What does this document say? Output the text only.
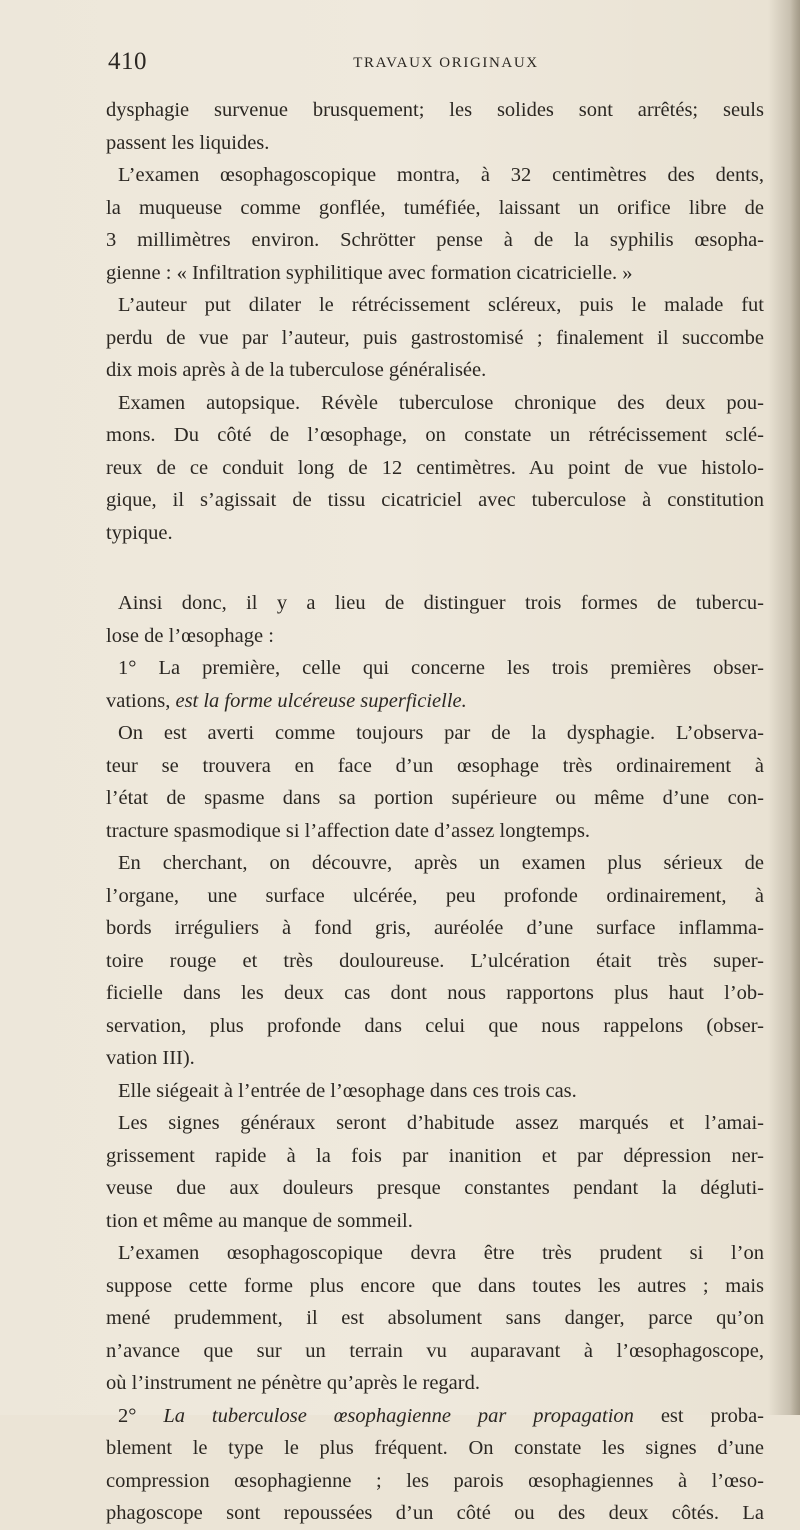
410	TRAVAUX ORIGINAUX
dysphagie survenue brusquement; les solides sont arrêtés; seuls
passent les liquides.
L’examen œsophagoscopique montra, à 32 centimètres des dents,
la muqueuse comme gonflée, tuméfiée, laissant un orifice libre de
3 millimètres environ. Schrötter pense à de la syphilis œsopha-
gienne : « Infiltration syphilitique avec formation cicatricielle. »
L’auteur put dilater le rétrécissement scléreux, puis le malade fut
perdu de vue par l’auteur, puis gastrostomisé ; finalement il succombe
dix mois après à de la tuberculose généralisée.
Examen autopsique. Révèle tuberculose chronique des deux pou-
mons. Du côté de l’œsophage, on constate un rétrécissement sclé-
reux de ce conduit long de 12 centimètres. Au point de vue histolo-
gique, il s’agissait de tissu cicatriciel avec tuberculose à constitution
typique.
Ainsi donc, il y a lieu de distinguer trois formes de tubercu-
lose de l’œsophage :
1° La première, celle qui concerne les trois premières obser-
vations, est la forme ulcéreuse superficielle.
On est averti comme toujours par de la dysphagie. L’observa-
teur se trouvera en face d’un œsophage très ordinairement à
l’état de spasme dans sa portion supérieure ou même d’une con-
tracture spasmodique si l’affection date d’assez longtemps.
En cherchant, on découvre, après un examen plus sérieux de
l’organe, une surface ulcérée, peu profonde ordinairement, à
bords irréguliers à fond gris, auréolée d’une surface inflamma-
toire rouge et très douloureuse. L’ulcération était très super-
ficielle dans les deux cas dont nous rapportons plus haut l’ob-
servation, plus profonde dans celui que nous rappelons (obser-
vation III).
Elle siégeait à l’entrée de l’œsophage dans ces trois cas.
Les signes généraux seront d’habitude assez marqués et l’amai-
grissement rapide à la fois par inanition et par dépression ner-
veuse due aux douleurs presque constantes pendant la dégluti-
tion et même au manque de sommeil.
L’examen œsophagoscopique devra être très prudent si l’on
suppose cette forme plus encore que dans toutes les autres ; mais
mené prudemment, il est absolument sans danger, parce qu’on
n’avance que sur un terrain vu auparavant à l’œsophagoscope,
où l’instrument ne pénètre qu’après le regard.
2° La tuberculose œsophagienne par propagation est proba-
blement le type le plus fréquent. On constate les signes d’une
compression œsophagienne ; les parois œsophagiennes à l’œso-
phagoscope sont repoussées d’un côté ou des deux côtés. La
